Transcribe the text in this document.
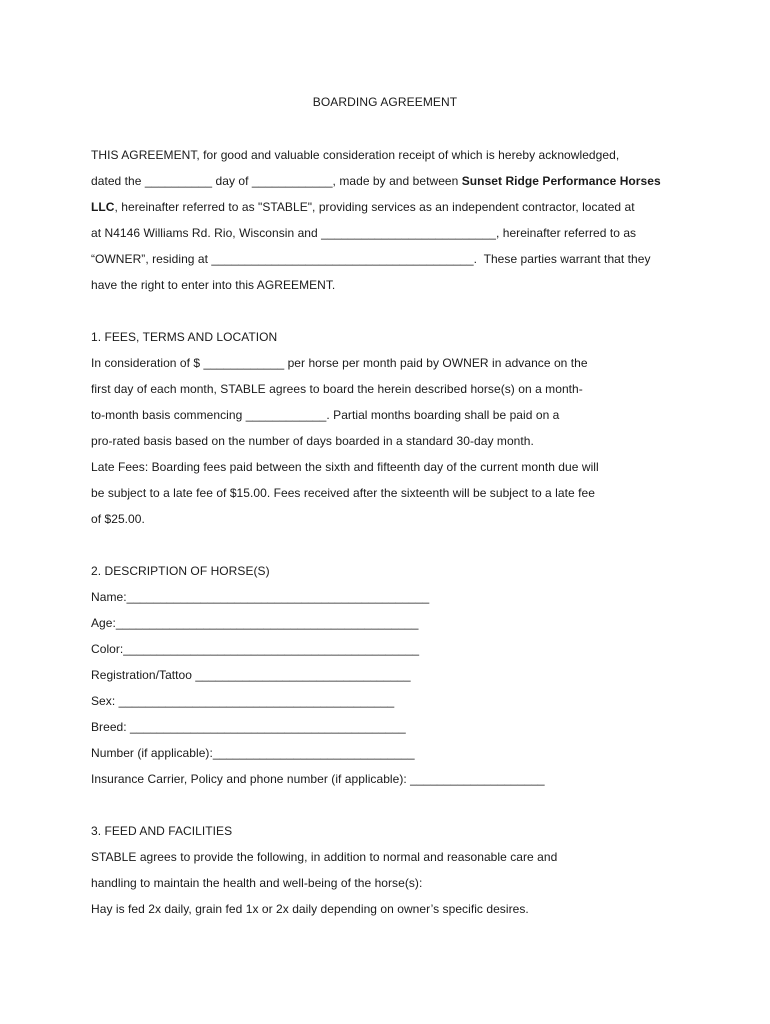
BOARDING AGREEMENT
THIS AGREEMENT, for good and valuable consideration receipt of which is hereby acknowledged,
dated the __________ day of ____________, made by and between Sunset Ridge Performance Horses
LLC, hereinafter referred to as "STABLE", providing services as an independent contractor, located at
at N4146 Williams Rd. Rio, Wisconsin and __________________________, hereinafter referred to as
“OWNER”, residing at _______________________________________.  These parties warrant that they
have the right to enter into this AGREEMENT.
1. FEES, TERMS AND LOCATION
In consideration of $ ____________ per horse per month paid by OWNER in advance on the
first day of each month, STABLE agrees to board the herein described horse(s) on a month-
to-month basis commencing ____________. Partial months boarding shall be paid on a
pro-rated basis based on the number of days boarded in a standard 30-day month.
Late Fees: Boarding fees paid between the sixth and fifteenth day of the current month due will
be subject to a late fee of $15.00. Fees received after the sixteenth will be subject to a late fee
of $25.00.
2. DESCRIPTION OF HORSE(S)
Name:_____________________________________________
Age:_____________________________________________
Color:____________________________________________
Registration/Tattoo ________________________________
Sex: _________________________________________
Breed: _________________________________________
Number (if applicable):______________________________
Insurance Carrier, Policy and phone number (if applicable): ____________________
3. FEED AND FACILITIES
STABLE agrees to provide the following, in addition to normal and reasonable care and
handling to maintain the health and well-being of the horse(s):
Hay is fed 2x daily, grain fed 1x or 2x daily depending on owner’s specific desires.
